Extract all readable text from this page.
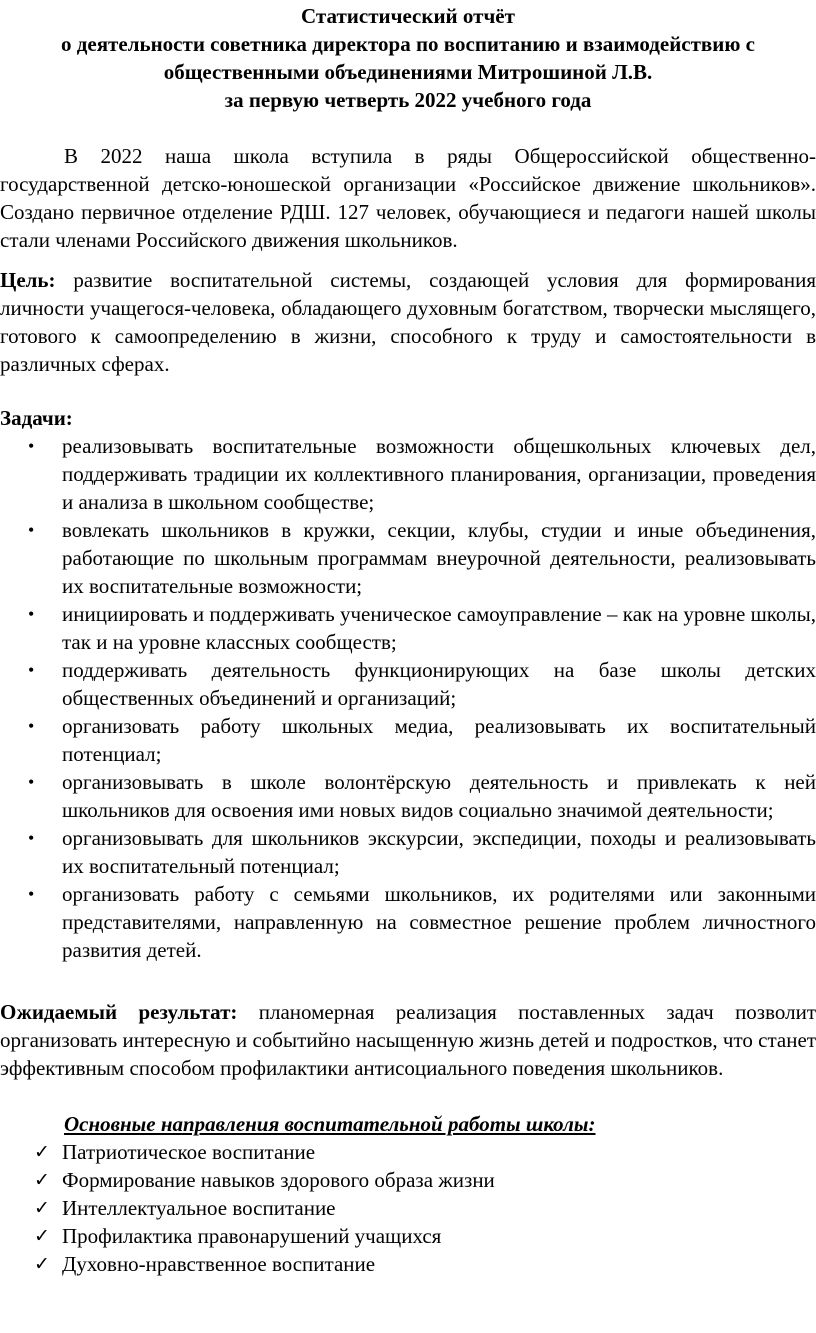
Статистический отчёт
о деятельности советника директора по воспитанию и взаимодействию с
общественными объединениями Митрошиной Л.В.
за первую четверть 2022 учебного года

В 2022 наша школа вступила в ряды Общероссийской общественно-государственной детско-юношеской организации «Российское движение школьников». Создано первичное отделение РДШ. 127 человек, обучающиеся и педагоги нашей школы стали членами Российского движения школьников.

Цель: развитие воспитательной системы, создающей условия для формирования личности учащегося-человека, обладающего духовным богатством, творчески мыслящего, готового к самоопределению в жизни, способного к труду и самостоятельности в различных сферах.

Задачи:

• реализовывать воспитательные возможности общешкольных ключевых дел, поддерживать традиции их коллективного планирования, организации, проведения и анализа в школьном сообществе;
• вовлекать школьников в кружки, секции, клубы, студии и иные объединения, работающие по школьным программам внеурочной деятельности, реализовывать их воспитательные возможности;
• инициировать и поддерживать ученическое самоуправление – как на уровне школы, так и на уровне классных сообществ;
• поддерживать деятельность функционирующих на базе школы детских общественных объединений и организаций;
• организовать работу школьных медиа, реализовывать их воспитательный потенциал;
• организовывать в школе волонтёрскую деятельность и привлекать к ней школьников для освоения ими новых видов социально значимой деятельности;
• организовывать для школьников экскурсии, экспедиции, походы и реализовывать их воспитательный потенциал;
• организовать работу с семьями школьников, их родителями или законными представителями, направленную на совместное решение проблем личностного развития детей.

Ожидаемый результат: планомерная реализация поставленных задач позволит организовать интересную и событийно насыщенную жизнь детей и подростков, что станет эффективным способом профилактики антисоциального поведения школьников.

Основные направления воспитательной работы школы:
✓ Патриотическое воспитание
✓ Формирование навыков здорового образа жизни
✓ Интеллектуальное воспитание
✓ Профилактика правонарушений учащихся
✓ Духовно-нравственное воспитание
